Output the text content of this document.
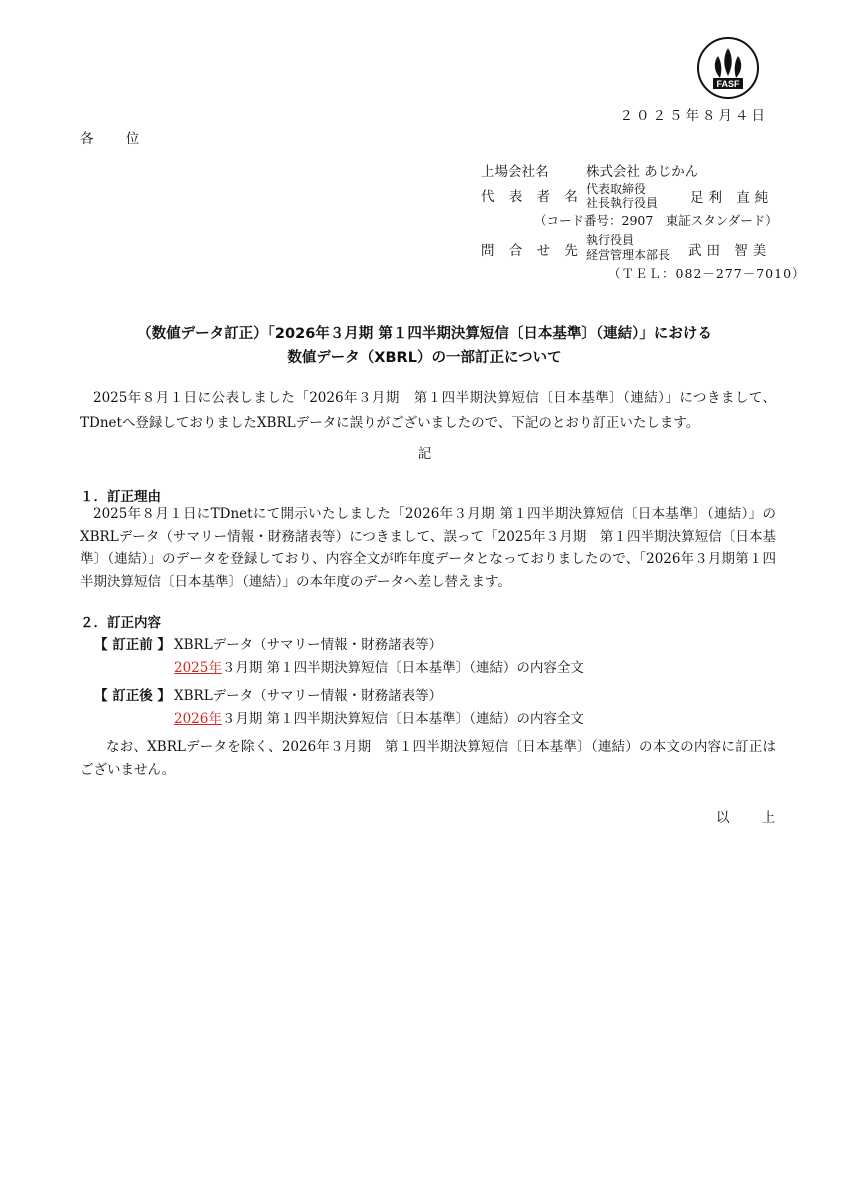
FASF
２０２５年８月４日
各 位
上場会社名	株式会社 あじかん
代 表 者 名 代表取締役
社長執行役員 足利 直純
（コード番号：2907　東証スタンダード）
問 合 せ 先
執行役員
経営管理本部長 武田 智美
（ＴＥＬ：082－277－7010）
（数値データ訂正）「2026年３月期 第１四半期決算短信〔日本基準〕（連結）」における
数値データ（XBRL）の一部訂正について
2025年８月１日に公表しました「2026年３月期　第１四半期決算短信〔日本基準〕（連結）」につきまして、TDnetへ登録しておりましたXBRLデータに誤りがございましたので、下記のとおり訂正いたします。
記
１．訂正理由
2025年８月１日にTDnetにて開示いたしました「2026年３月期 第１四半期決算短信〔日本基準〕（連結）」のXBRLデータ（サマリー情報・財務諸表等）につきまして、誤って「2025年３月期　第１四半期決算短信〔日本基準〕（連結）」のデータを登録しており、内容全文が昨年度データとなっておりましたので、「2026年３月期第１四半期決算短信〔日本基準〕（連結）」の本年度のデータへ差し替えます。
２．訂正内容
【 訂正前 】 XBRLデータ（サマリー情報・財務諸表等）
2025年３月期 第１四半期決算短信〔日本基準〕（連結）の内容全文
【 訂正後 】 XBRLデータ（サマリー情報・財務諸表等）
2026年３月期 第１四半期決算短信〔日本基準〕（連結）の内容全文
なお、XBRLデータを除く、2026年３月期　第１四半期決算短信〔日本基準〕（連結）の本文の内容に訂正はございません。
以 上
